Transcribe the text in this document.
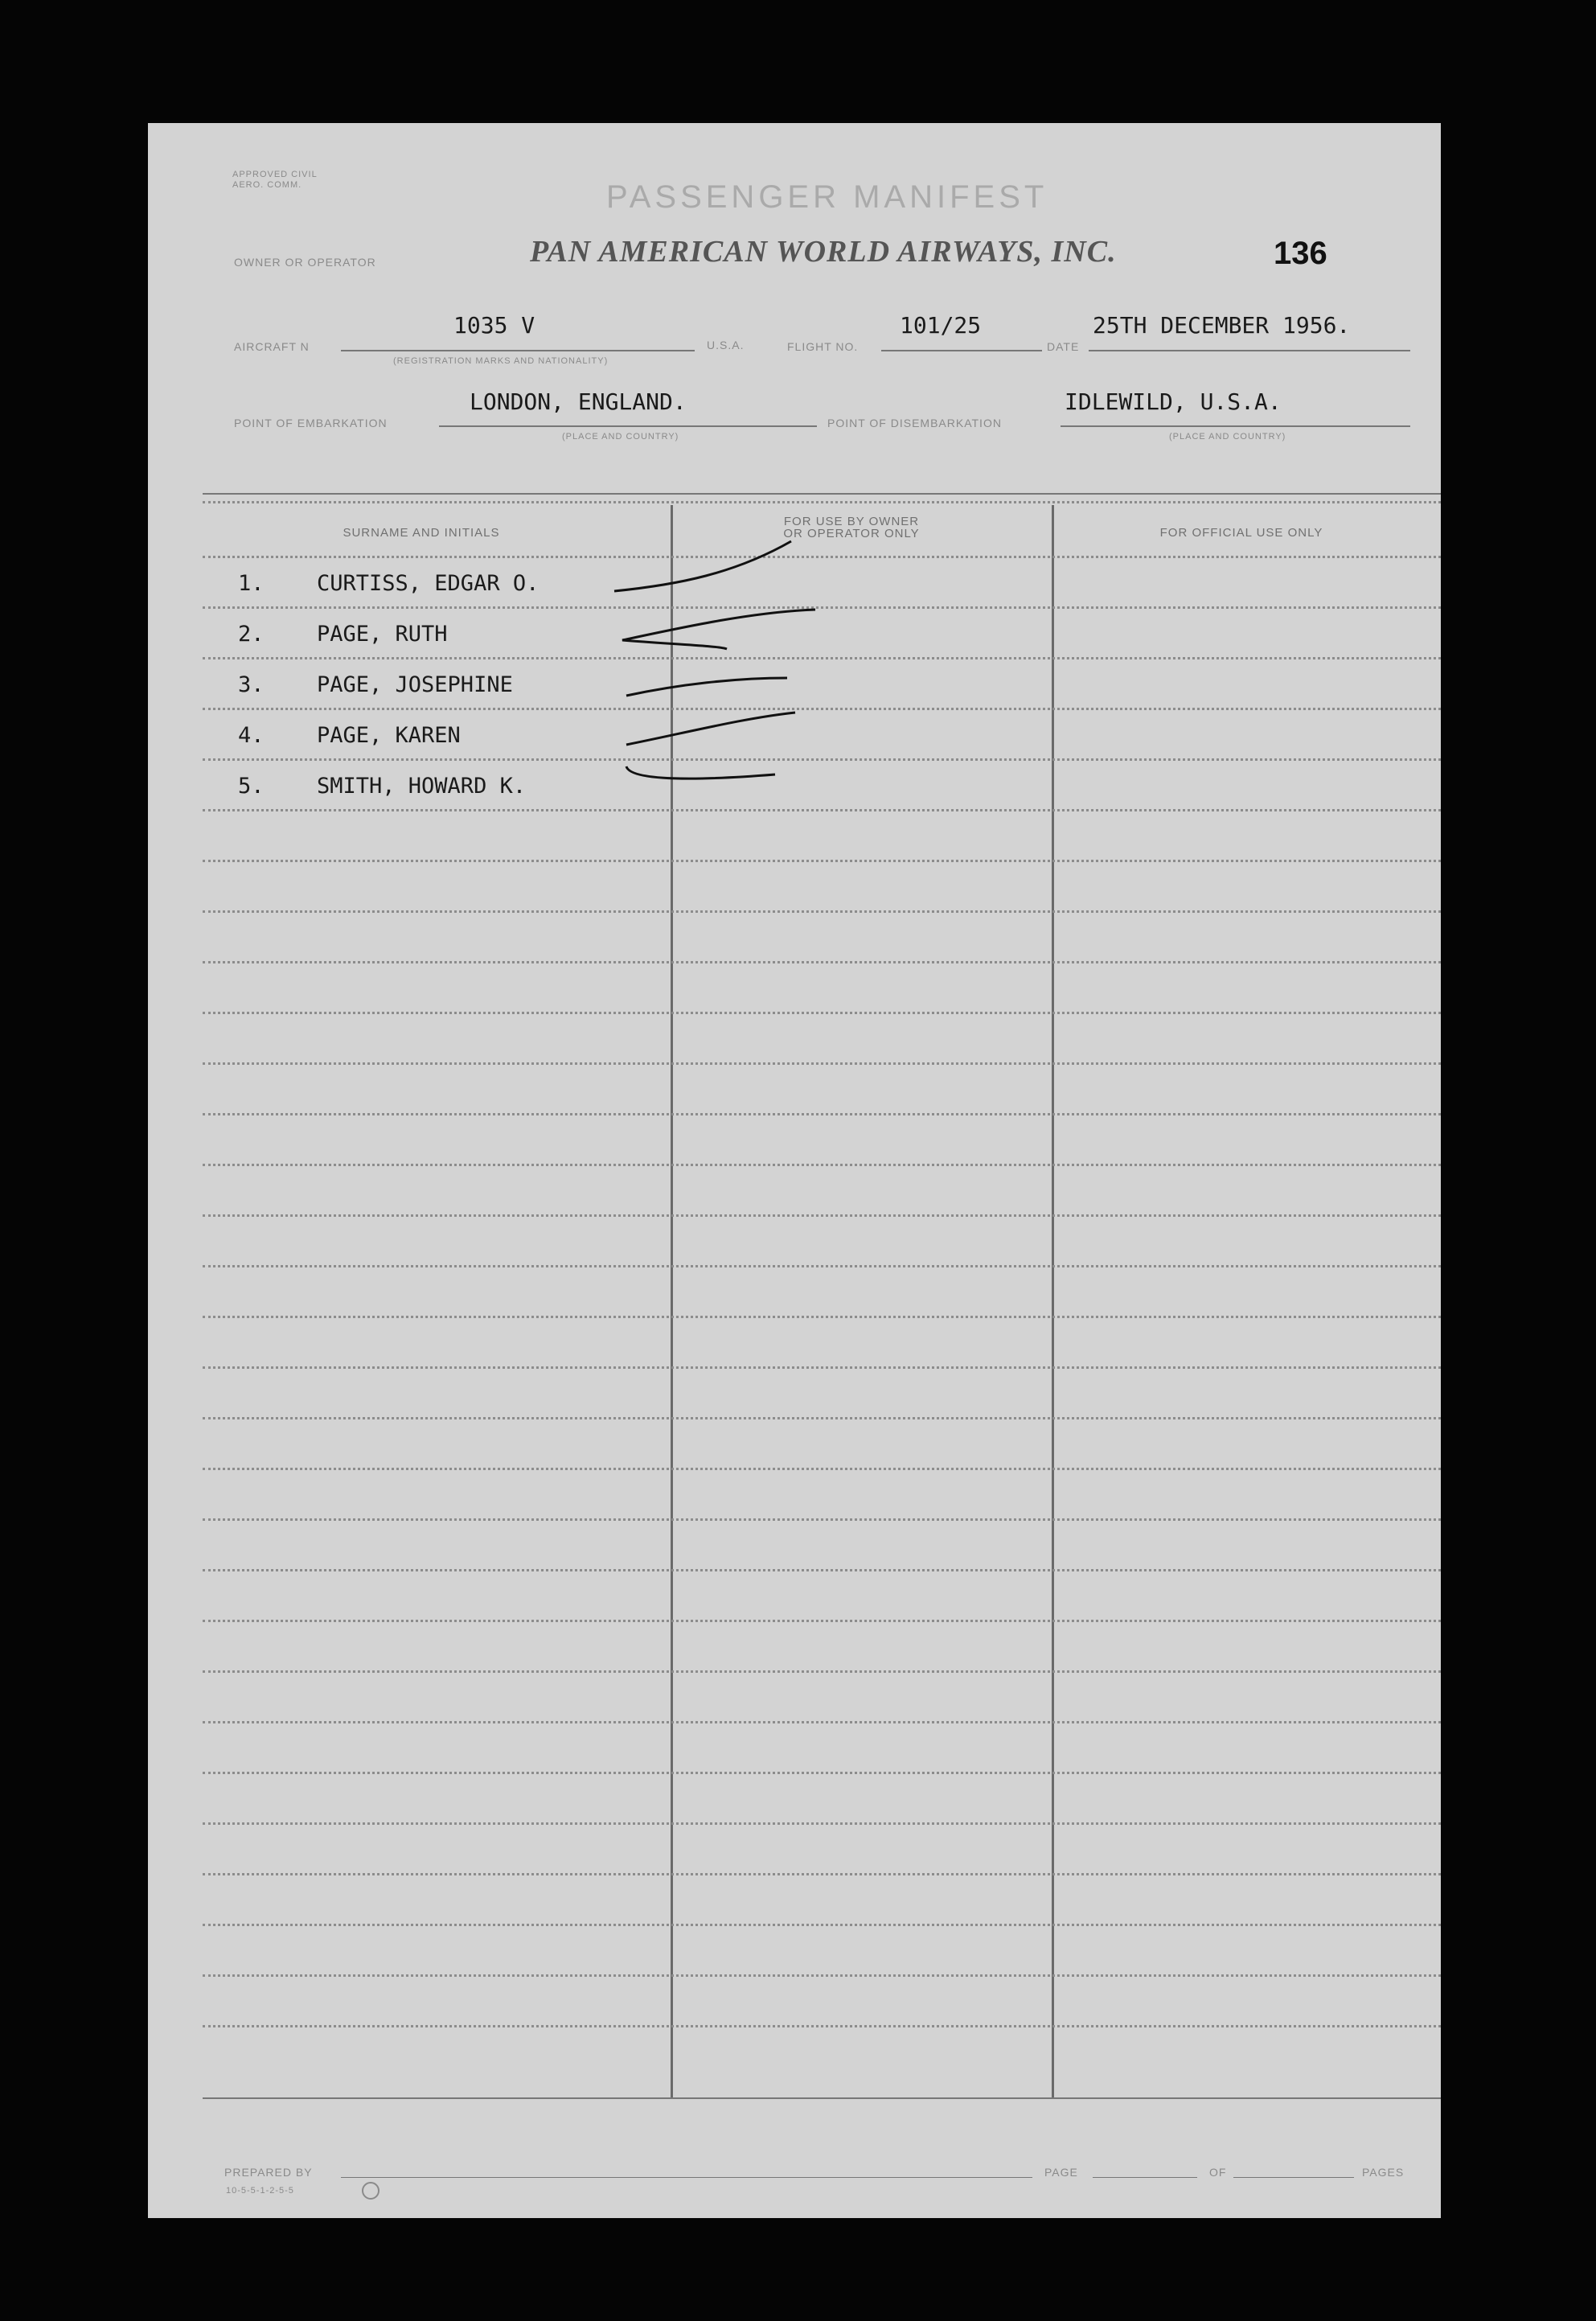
APPROVED CIVIL AERO. COMM.	PASSENGER MANIFEST
OWNER OR OPERATOR	PAN AMERICAN WORLD AIRWAYS, INC.	136
AIRCRAFT N
1035 V
(REGISTRATION MARKS AND NATIONALITY)
U.S.A.	FLIGHT NO.
101/25
DATE
25TH DECEMBER 1956.
POINT OF EMBARKATION
LONDON, ENGLAND.
(PLACE AND COUNTRY)
POINT OF DISEMBARKATION
IDLEWILD, U.S.A.
(PLACE AND COUNTRY)
SURNAME AND INITIALS
FOR USE BY OWNER
OR OPERATOR ONLY	FOR OFFICIAL USE ONLY
1. CURTISS, EDGAR O.
2. PAGE, RUTH
3. PAGE, JOSEPHINE
4. PAGE, KAREN
5. SMITH, HOWARD K.
PREPARED BY
10-5-5-1-2-5-5
PAGE	OF	PAGES
